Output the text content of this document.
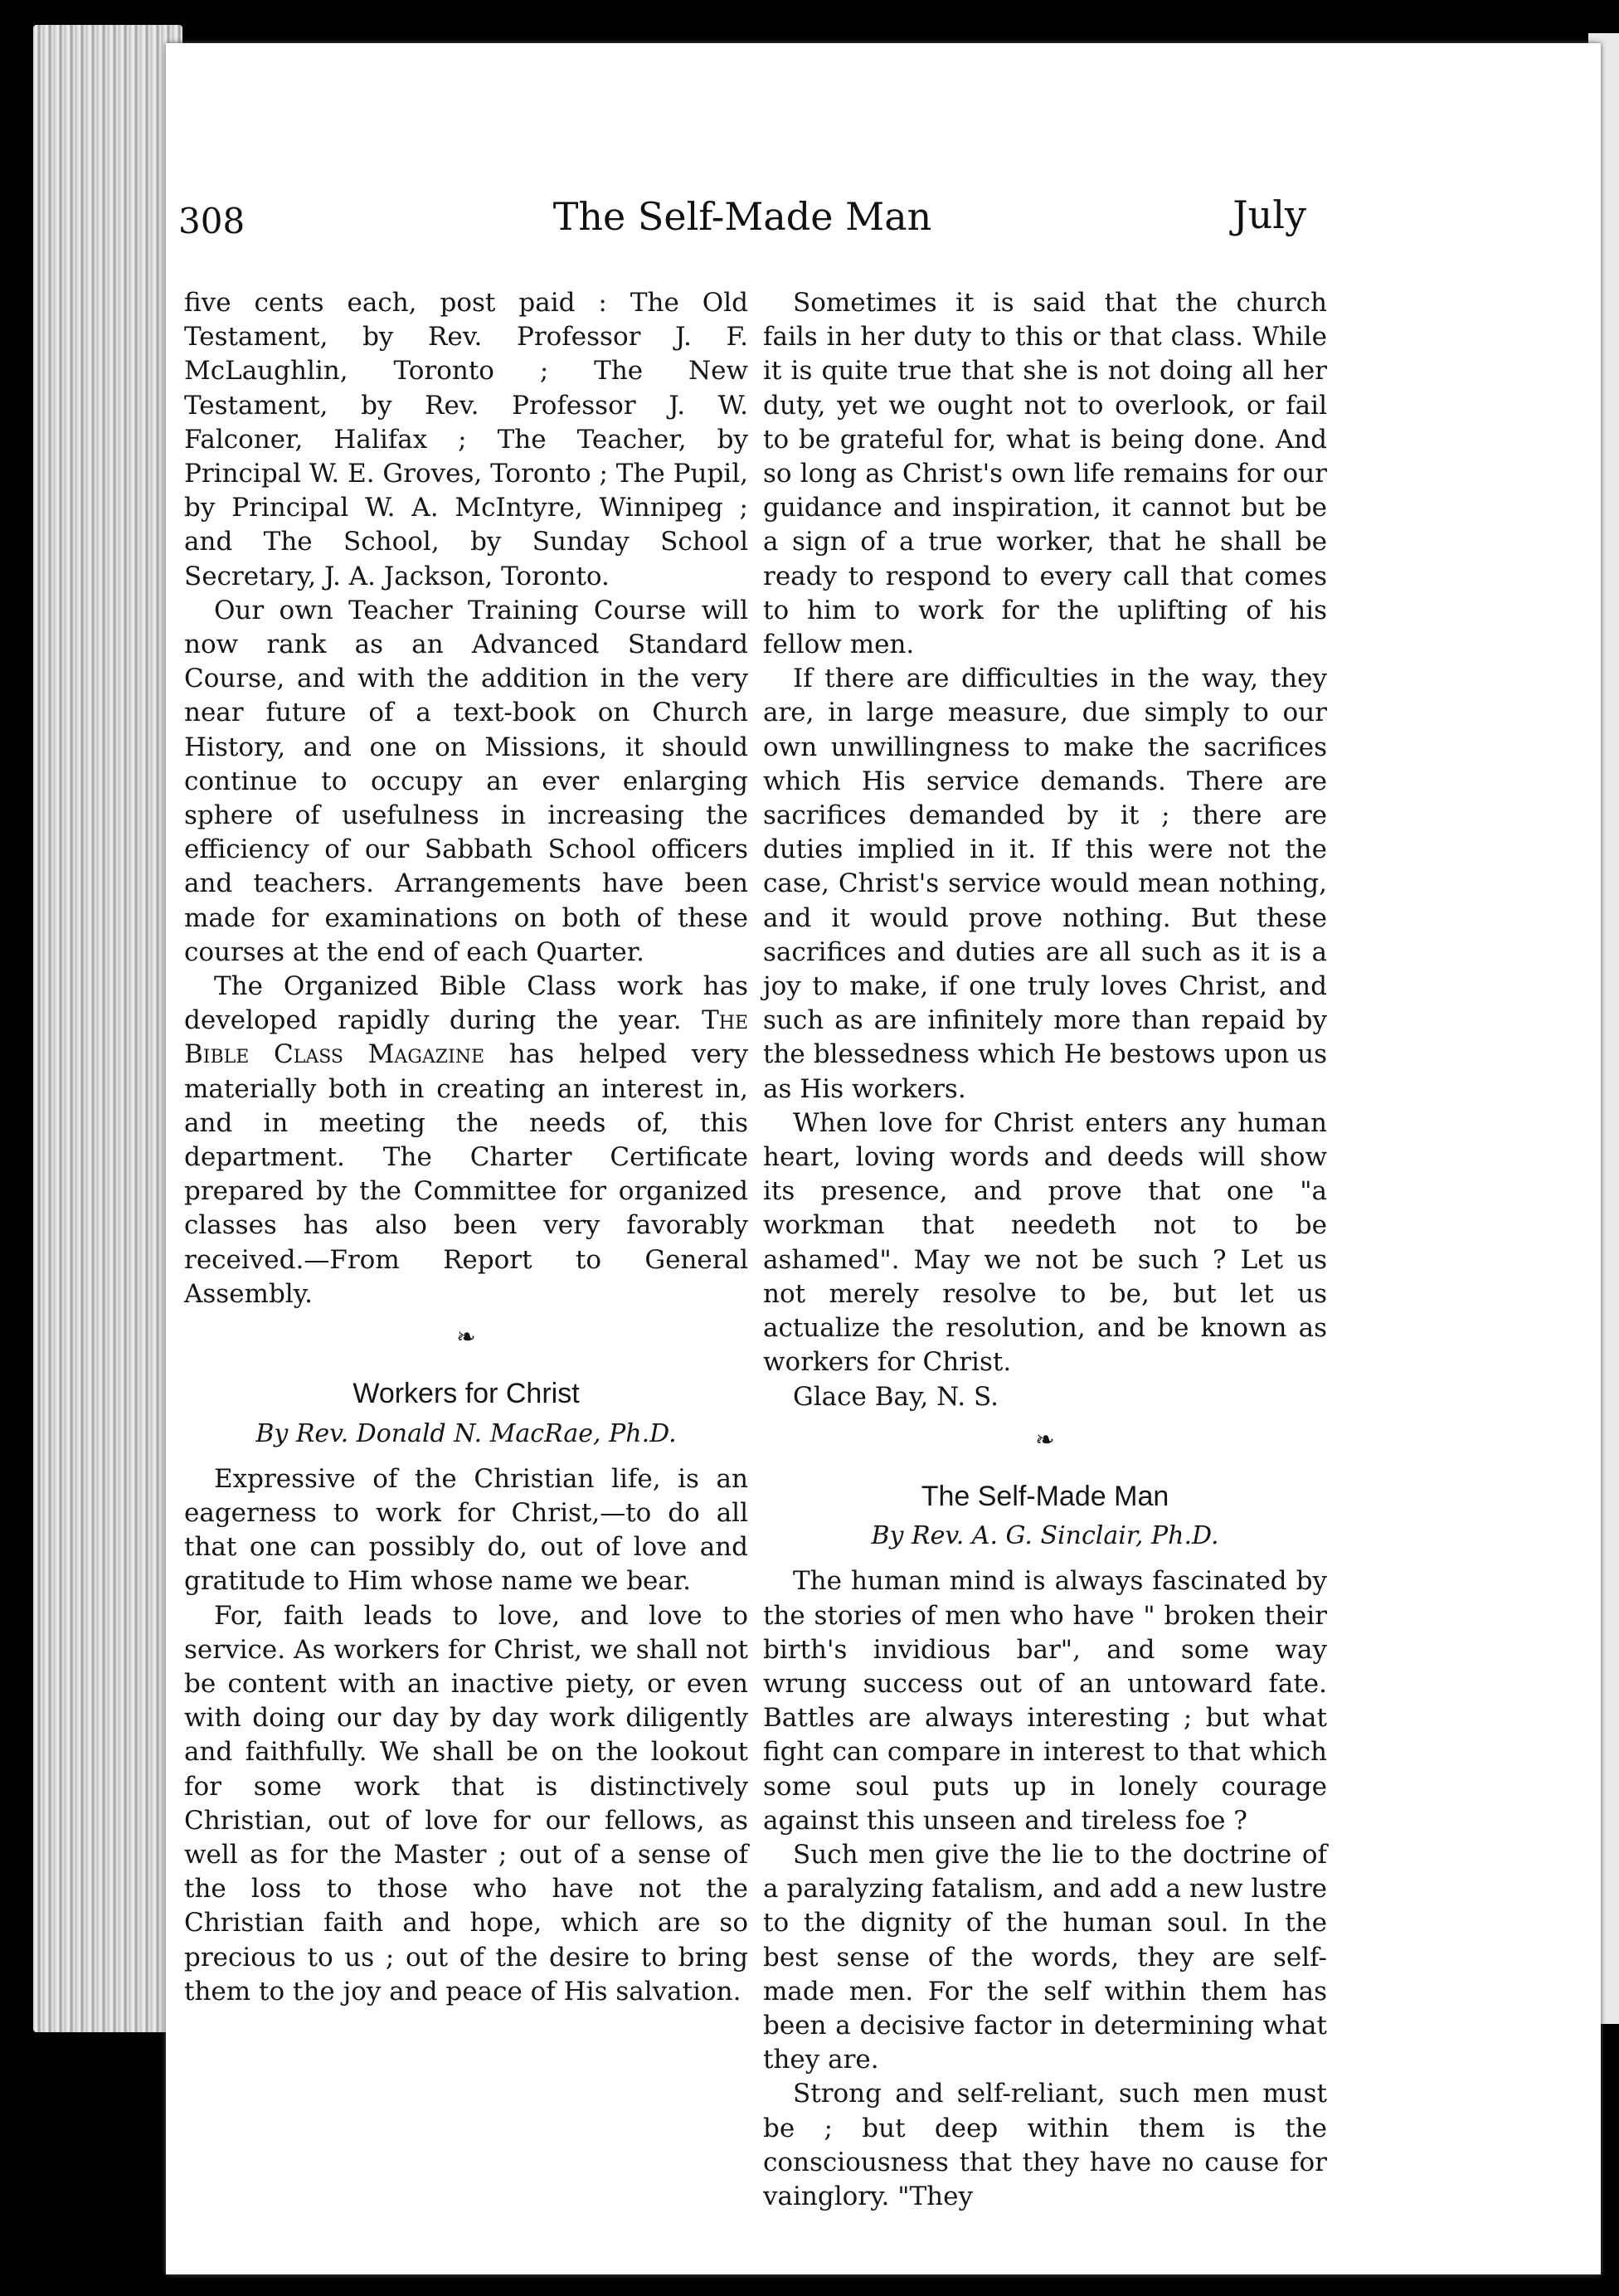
308	The Self-Made Man	July

five cents each, post paid : The Old Testament, by Rev. Professor J. F. McLaughlin, Toronto ; The New Testament, by Rev. Professor J. W. Falconer, Halifax ; The Teacher, by Principal W. E. Groves, Toronto ; The Pupil, by Principal W. A. McIntyre, Winnipeg ; and The School, by Sunday School Secretary, J. A. Jackson, Toronto.

Our own Teacher Training Course will now rank as an Advanced Standard Course, and with the addition in the very near future of a text-book on Church History, and one on Missions, it should continue to occupy an ever enlarging sphere of usefulness in increasing the efficiency of our Sabbath School officers and teachers. Arrangements have been made for examinations on both of these courses at the end of each Quarter.

The Organized Bible Class work has developed rapidly during the year. The Bible Class Magazine has helped very materially both in creating an interest in, and in meeting the needs of, this department. The Charter Certificate prepared by the Committee for organized classes has also been very favorably received.—From Report to General Assembly.

❧
Workers for Christ
By Rev. Donald N. MacRae, Ph.D.

Expressive of the Christian life, is an eagerness to work for Christ,—to do all that one can possibly do, out of love and gratitude to Him whose name we bear.

For, faith leads to love, and love to service. As workers for Christ, we shall not be content with an inactive piety, or even with doing our day by day work diligently and faithfully. We shall be on the lookout for some work that is distinctively Christian, out of love for our fellows, as well as for the Master ; out of a sense of the loss to those who have not the Christian faith and hope, which are so precious to us ; out of the desire to bring them to the joy and peace of His salvation.

Sometimes it is said that the church fails in her duty to this or that class. While it is quite true that she is not doing all her duty, yet we ought not to overlook, or fail to be grateful for, what is being done. And so long as Christ's own life remains for our guidance and inspiration, it cannot but be a sign of a true worker, that he shall be ready to respond to every call that comes to him to work for the uplifting of his fellow men.

If there are difficulties in the way, they are, in large measure, due simply to our own unwillingness to make the sacrifices which His service demands. There are sacrifices demanded by it ; there are duties implied in it. If this were not the case, Christ's service would mean nothing, and it would prove nothing. But these sacrifices and duties are all such as it is a joy to make, if one truly loves Christ, and such as are infinitely more than repaid by the blessedness which He bestows upon us as His workers.

When love for Christ enters any human heart, loving words and deeds will show its presence, and prove that one "a workman that needeth not to be ashamed". May we not be such ? Let us not merely resolve to be, but let us actualize the resolution, and be known as workers for Christ.

Glace Bay, N. S.

❧
The Self-Made Man
By Rev. A. G. Sinclair, Ph.D.

The human mind is always fascinated by the stories of men who have " broken their birth's invidious bar", and some way wrung success out of an untoward fate. Battles are always interesting ; but what fight can compare in interest to that which some soul puts up in lonely courage against this unseen and tireless foe ?

Such men give the lie to the doctrine of a paralyzing fatalism, and add a new lustre to the dignity of the human soul. In the best sense of the words, they are self-made men. For the self within them has been a decisive factor in determining what they are.

Strong and self-reliant, such men must be ; but deep within them is the consciousness that they have no cause for vainglory. "They
